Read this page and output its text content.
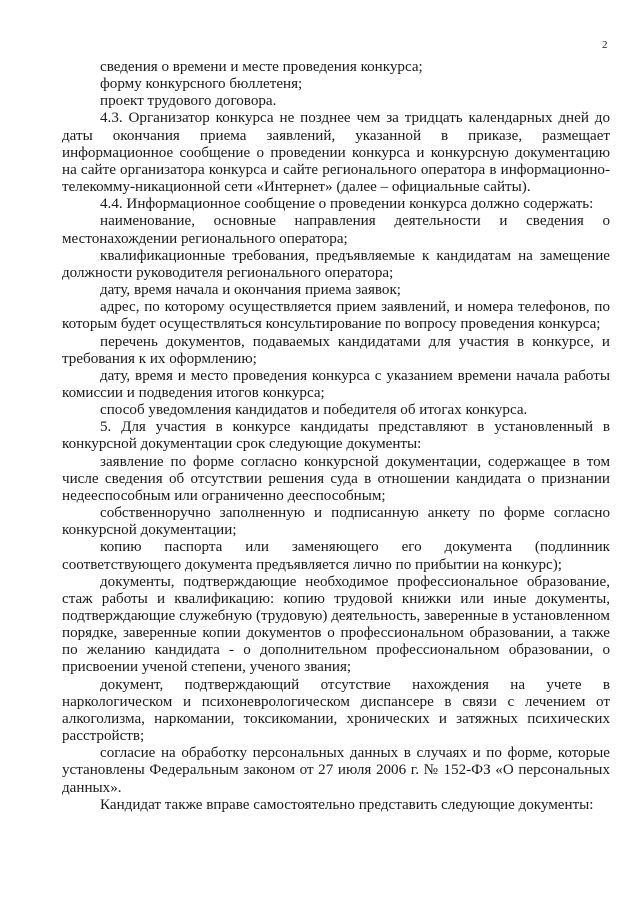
2

сведения о времени и месте проведения конкурса;

форму конкурсного бюллетеня;

проект трудового договора.

4.3. Организатор конкурса не позднее чем за тридцать календарных дней до даты окончания приема заявлений, указанной в приказе, размещает информационное сообщение о проведении конкурса и конкурсную документацию на сайте организатора конкурса и сайте регионального оператора в информационно-телекомму-никационной сети «Интернет» (далее – официальные сайты).

4.4. Информационное сообщение о проведении конкурса должно содержать:

наименование, основные направления деятельности и сведения о местонахождении регионального оператора;

квалификационные требования, предъявляемые к кандидатам на замещение должности руководителя регионального оператора;

дату, время начала и окончания приема заявок;

адрес, по которому осуществляется прием заявлений, и номера телефонов, по которым будет осуществляться консультирование по вопросу проведения конкурса;

перечень документов, подаваемых кандидатами для участия в конкурсе, и требования к их оформлению;

дату, время и место проведения конкурса с указанием времени начала работы комиссии и подведения итогов конкурса;

способ уведомления кандидатов и победителя об итогах конкурса.

5. Для участия в конкурсе кандидаты представляют в установленный в конкурсной документации срок следующие документы:

заявление по форме согласно конкурсной документации, содержащее в том числе сведения об отсутствии решения суда в отношении кандидата о признании недееспособным или ограниченно дееспособным;

собственноручно заполненную и подписанную анкету по форме согласно конкурсной документации;

копию паспорта или заменяющего его документа (подлинник соответствующего документа предъявляется лично по прибытии на конкурс);

документы, подтверждающие необходимое профессиональное образование, стаж работы и квалификацию: копию трудовой книжки или иные документы, подтверждающие служебную (трудовую) деятельность, заверенные в установленном порядке, заверенные копии документов о профессиональном образовании, а также по желанию кандидата - о дополнительном профессиональном образовании, о присвоении ученой степени, ученого звания;

документ, подтверждающий отсутствие нахождения на учете в наркологическом и психоневрологическом диспансере в связи с лечением от алкоголизма, наркомании, токсикомании, хронических и затяжных психических расстройств;

согласие на обработку персональных данных в случаях и по форме, которые установлены Федеральным законом от 27 июля 2006 г. № 152-ФЗ «О персональных данных».

Кандидат также вправе самостоятельно представить следующие документы:
